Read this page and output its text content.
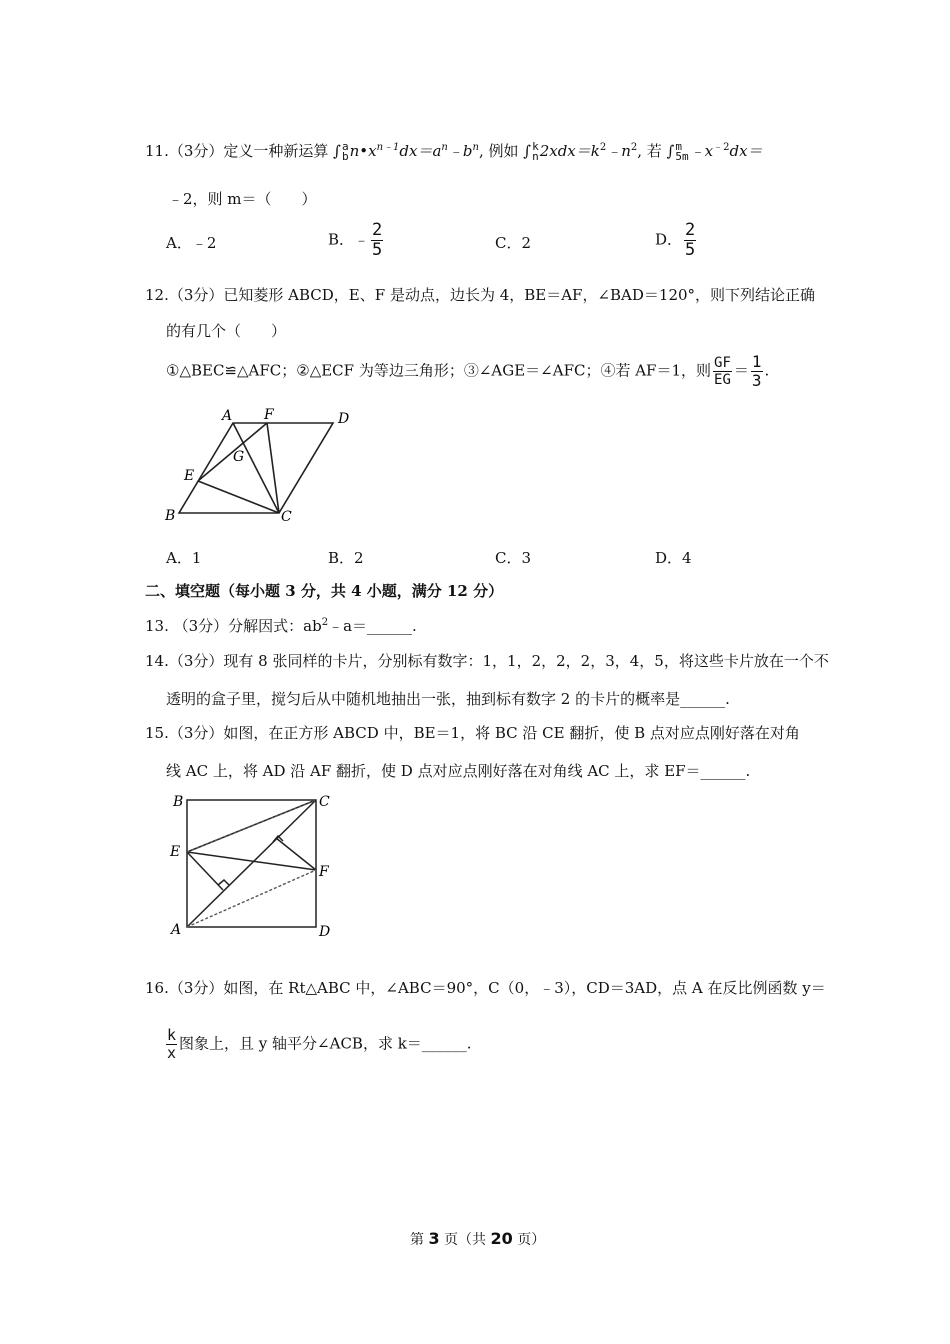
11.（3分）定义一种新运算 ∫ a
b $n•x^{n﹣1}dx=a^n﹣b^n$, 例如 ∫ k
n $2xdx=k^2﹣n^2$, 若 ∫ m
5m $﹣x^{﹣2}dx=$
﹣2，则 m＝（　　）
A．﹣2	B．﹣ $\frac{2}{5}$	C．2	D． $\frac{2}{5}$
12.（3分）已知菱形 ABCD，E、F 是动点，边长为 4，BE＝AF，∠BAD＝120°，则下列结论正确
的有几个（　　）
①△BEC≌△AFC；②△ECF 为等边三角形；③∠AGE＝∠AFC；④若 AF＝1，则 $\frac{GF}{EG} = \frac{1}{3}$ .
A F	D
G
E
B	C
A．1	B．2	C．3	D．4
二、填空题（每小题 3 分，共 4 小题，满分 12 分）
13. （3分）分解因式：$ab^2﹣a=\_\_\_\_\_\_$.
14.（3分）现有 8 张同样的卡片，分别标有数字：1，1，2，2，2，3，4，5，将这些卡片放在一个不
透明的盒子里，搅匀后从中随机地抽出一张，抽到标有数字 2 的卡片的概率是______.
15.（3分）如图，在正方形 ABCD 中，BE＝1，将 BC 沿 CE 翻折，使 B 点对应点刚好落在对角
线 AC 上，将 AD 沿 AF 翻折，使 D 点对应点刚好落在对角线 AC 上，求 EF＝______.
B	C
E
F
A	D
16.（3分）如图，在 Rt△ABC 中，∠ABC＝90°，C（0，﹣3），CD＝3AD，点 A 在反比例函数 y＝
$\frac{k}{x}$ 图象上，且 y 轴平分∠ACB，求 k＝______.
第 3 页（共 20 页）
